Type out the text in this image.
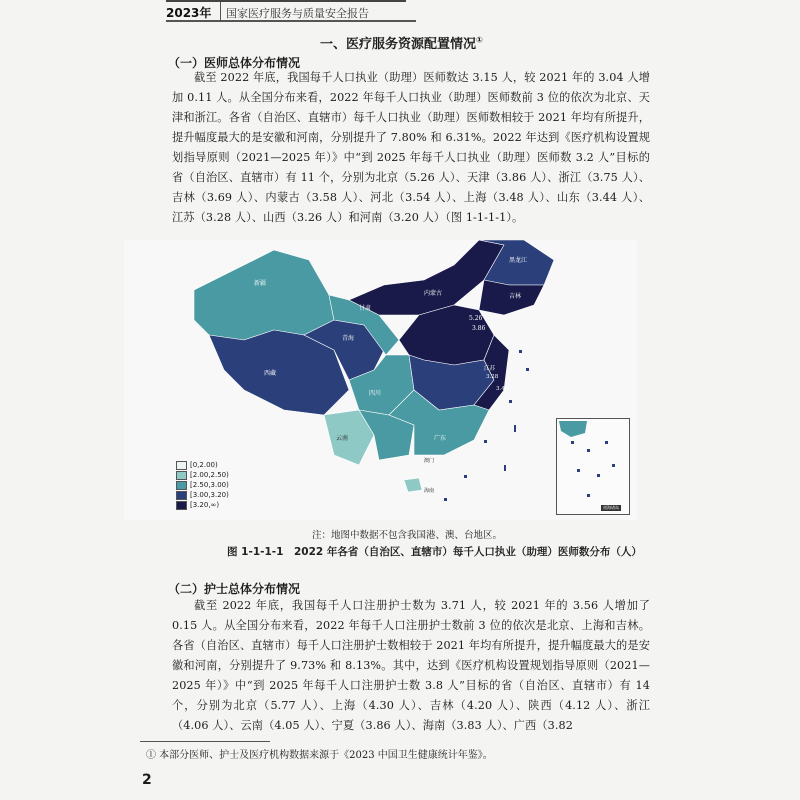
2023年 国家医疗服务与质量安全报告
一、医疗服务资源配置情况①
（一）医师总体分布情况
截至 2022 年底，我国每千人口执业（助理）医师数达 3.15 人，较 2021 年的 3.04 人增加 0.11 人。从全国分布来看，2022 年每千人口执业（助理）医师数前 3 位的依次为北京、天津和浙江。各省（自治区、直辖市）每千人口执业（助理）医师数相较于 2021 年均有所提升，提升幅度最大的是安徽和河南，分别提升了 7.80% 和 6.31%。2022 年达到《医疗机构设置规划指导原则（2021—2025 年）》中“到 2025 年每千人口执业（助理）医师数 3.2 人”目标的省（自治区、直辖市）有 11 个，分别为北京（5.26 人）、天津（3.86 人）、浙江（3.75 人）、吉林（3.69 人）、内蒙古（3.58 人）、河北（3.54 人）、上海（3.48 人）、山东（3.44 人）、江苏（3.28 人）、山西（3.26 人）和河南（3.20 人）（图 1-1-1-1）。
新疆
西藏
青海
甘肃
内蒙古
黑龙江
吉林
5.26
3.86
江苏
3.28
3.48
四川
云南	广东
澳门
海南
南海诸岛
[0,2.00)
[2.00,2.50)
[2.50,3.00)
[3.00,3.20)
[3.20,∞)
注：地图中数据不包含我国港、澳、台地区。
图 1-1-1-1　2022 年各省（自治区、直辖市）每千人口执业（助理）医师数分布（人）
（二）护士总体分布情况
截至 2022 年底，我国每千人口注册护士数为 3.71 人，较 2021 年的 3.56 人增加了 0.15 人。从全国分布来看，2022 年每千人口注册护士数前 3 位的依次是北京、上海和吉林。各省（自治区、直辖市）每千人口注册护士数相较于 2021 年均有所提升，提升幅度最大的是安徽和河南，分别提升了 9.73% 和 8.13%。其中，达到《医疗机构设置规划指导原则（2021—2025 年）》中“到 2025 年每千人口注册护士数 3.8 人”目标的省（自治区、直辖市）有 14 个，分别为北京（5.77 人）、上海（4.30 人）、吉林（4.20 人）、陕西（4.12 人）、浙江（4.06 人）、云南（4.05 人）、宁夏（3.86 人）、海南（3.83 人）、广西（3.82
① 本部分医师、护士及医疗机构数据来源于《2023 中国卫生健康统计年鉴》。
2
